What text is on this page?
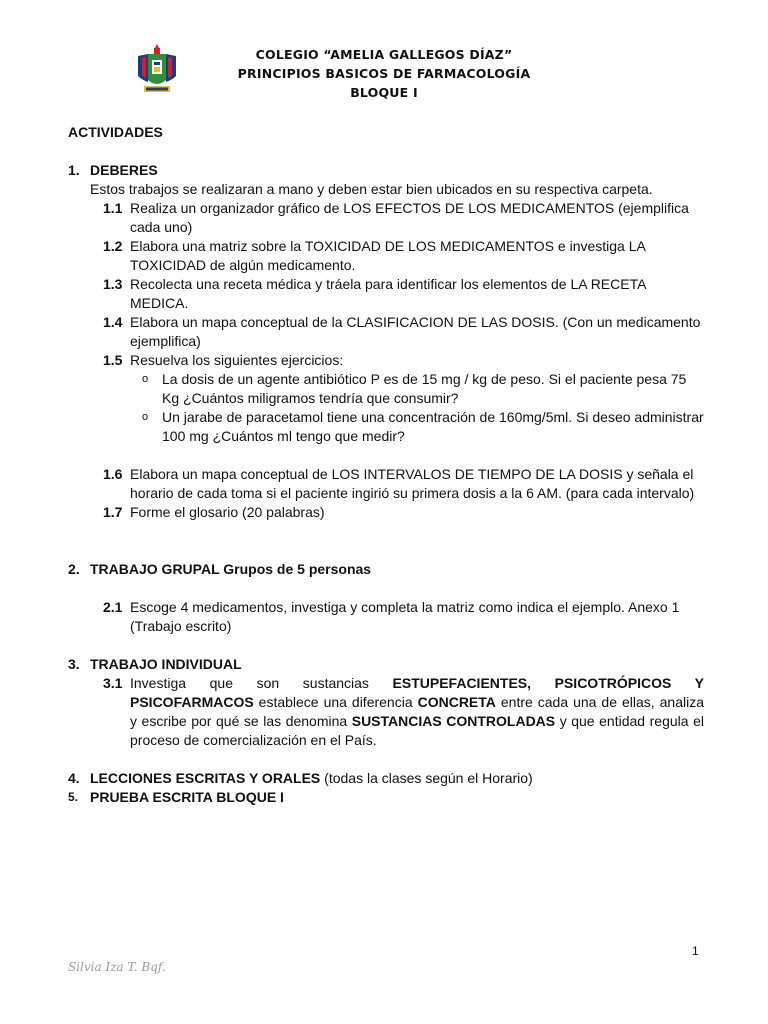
COLEGIO “AMELIA GALLEGOS DÍAZ”
PRINCIPIOS BASICOS DE FARMACOLOGÍA
BLOQUE I
ACTIVIDADES
1. DEBERES
Estos trabajos se realizaran a mano y deben estar bien ubicados en su respectiva carpeta.
1.1 Realiza un organizador gráfico de LOS EFECTOS DE LOS MEDICAMENTOS (ejemplifica cada uno)
1.2 Elabora una matriz sobre la TOXICIDAD DE LOS MEDICAMENTOS e investiga LA TOXICIDAD de algún medicamento.
1.3 Recolecta una receta médica y tráela para identificar los elementos de LA RECETA MEDICA.
1.4 Elabora un mapa conceptual de la CLASIFICACION DE LAS DOSIS. (Con un medicamento ejemplifica)
1.5 Resuelva los siguientes ejercicios:
o La dosis de un agente antibiótico P es de 15 mg / kg de peso. Si el paciente pesa 75 Kg ¿Cuántos miligramos tendría que consumir?
o Un jarabe de paracetamol tiene una concentración de 160mg/5ml. Si deseo administrar 100 mg ¿Cuántos ml tengo que medir?
1.6 Elabora un mapa conceptual de LOS INTERVALOS DE TIEMPO DE LA DOSIS y señala el horario de cada toma si el paciente ingirió su primera dosis a la 6 AM. (para cada intervalo)
1.7 Forme el glosario (20 palabras)
2. TRABAJO GRUPAL Grupos de 5 personas
2.1 Escoge 4 medicamentos, investiga y completa la matriz como indica el ejemplo. Anexo 1 (Trabajo escrito)
3. TRABAJO INDIVIDUAL
3.1 Investiga que son sustancias ESTUPEFACIENTES, PSICOTRÓPICOS Y PSICOFARMACOS establece una diferencia CONCRETA entre cada una de ellas, analiza y escribe por qué se las denomina SUSTANCIAS CONTROLADAS y que entidad regula el proceso de comercialización en el País.
4. LECCIONES ESCRITAS Y ORALES (todas la clases según el Horario)
5. PRUEBA ESCRITA BLOQUE I
1
Silvia Iza T. Bqf.
